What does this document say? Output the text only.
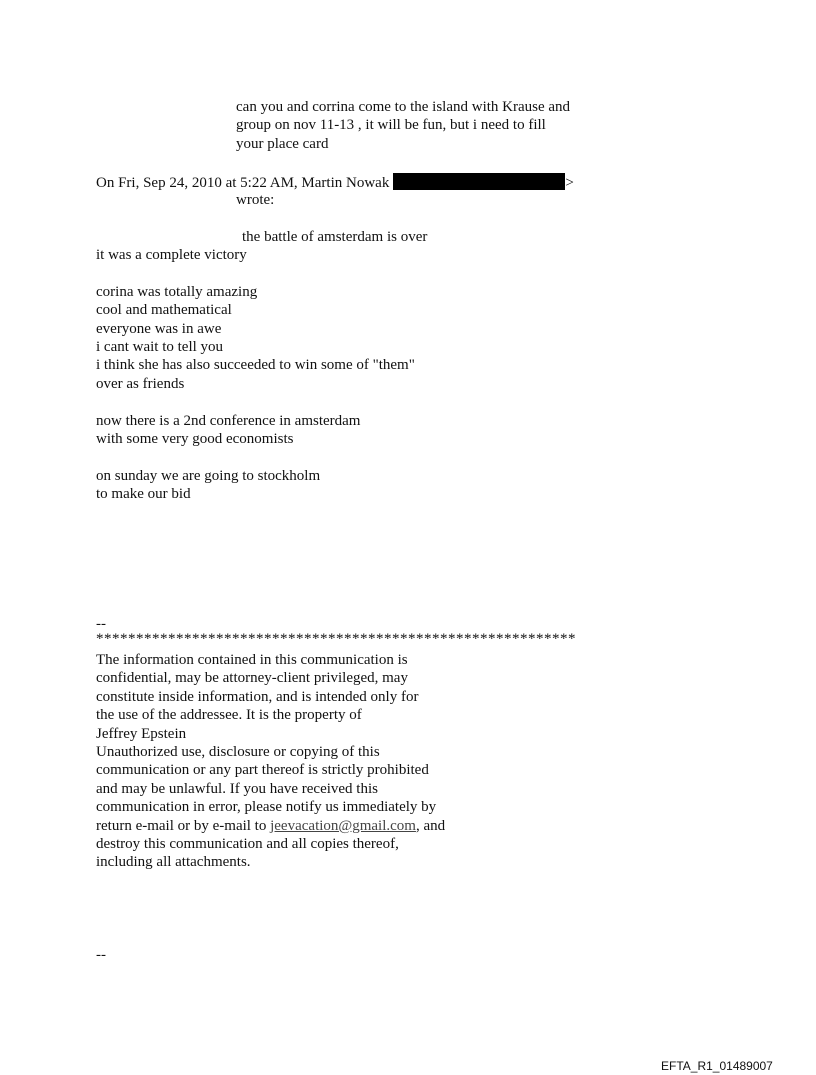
can you and corrina come to the island with Krause and
group on nov 11-13 , it will be fun, but i need to fill
your place card
On Fri, Sep 24, 2010 at 5:22 AM, Martin Nowak	>
wrote:
the battle of amsterdam is over
it was a complete victory
corina was totally amazing
cool and mathematical
everyone was in awe
i cant wait to tell you
i think she has also succeeded to win some of "them"
over as friends
now there is a 2nd conference in amsterdam
with some very good economists
on sunday we are going to stockholm
to make our bid
--
************************************************************
The information contained in this communication is
confidential, may be attorney-client privileged, may
constitute inside information, and is intended only for
the use of the addressee. It is the property of
Jeffrey Epstein
Unauthorized use, disclosure or copying of this
communication or any part thereof is strictly prohibited
and may be unlawful. If you have received this
communication in error, please notify us immediately by
return e-mail or by e-mail to jeevacation@gmail.com, and
destroy this communication and all copies thereof,
including all attachments.
--
EFTA_R1_01489007
